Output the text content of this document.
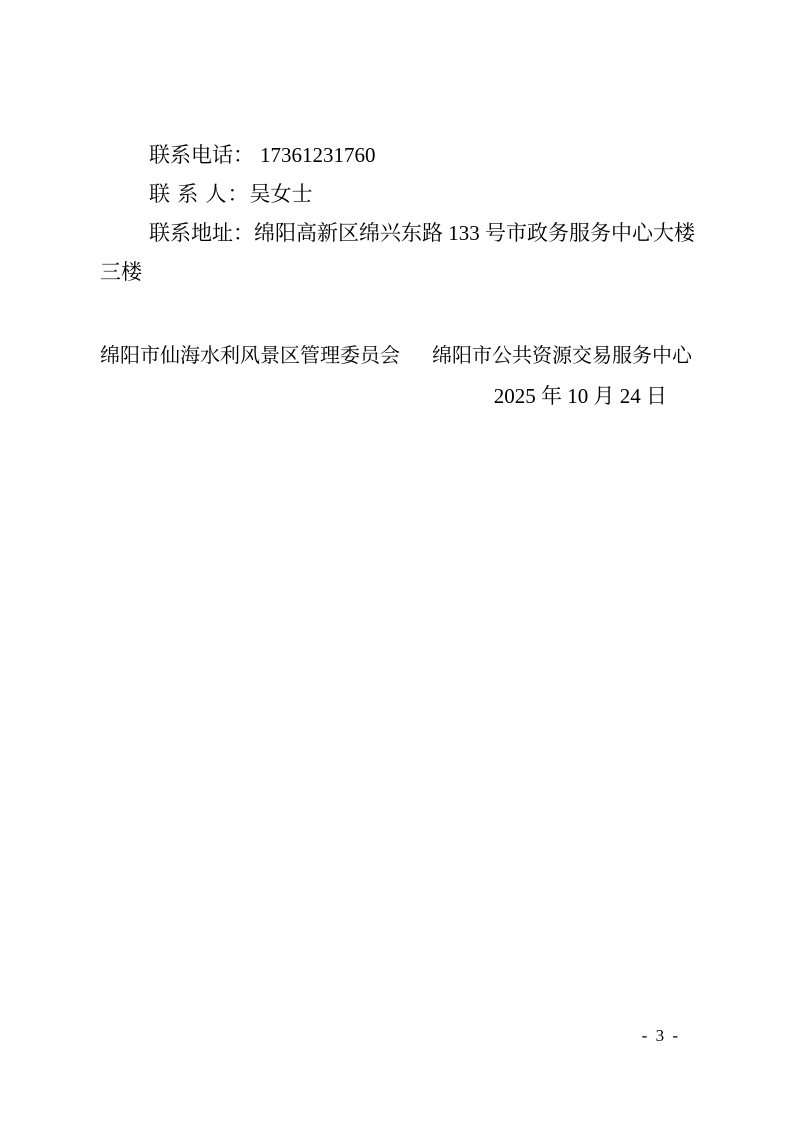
联系电话： 17361231760

联 系 人：吴女士

联系地址：绵阳高新区绵兴东路 133 号市政务服务中心大楼三楼

绵阳市仙海水利风景区管理委员会 绵阳市公共资源交易服务中心

2025 年 10 月 24 日

- 3 -
